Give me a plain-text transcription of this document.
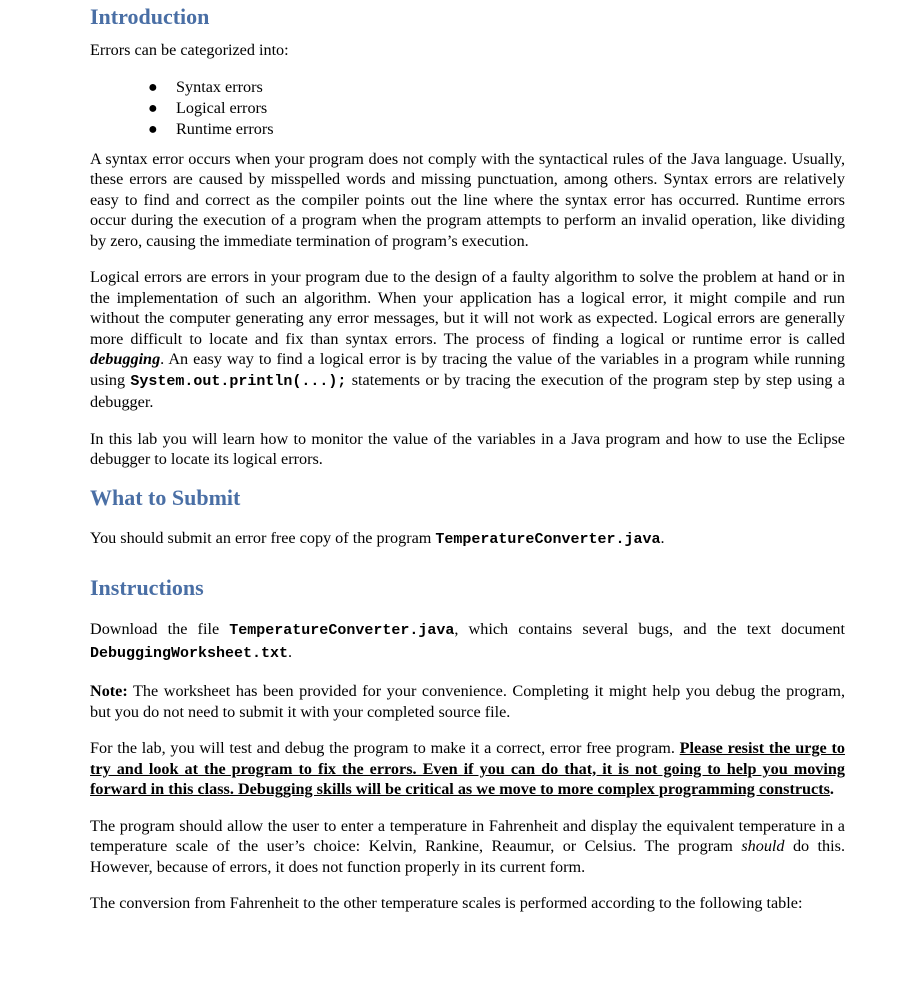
Introduction

Errors can be categorized into:

● Syntax errors
● Logical errors
● Runtime errors

A syntax error occurs when your program does not comply with the syntactical rules of the Java language. Usually, these errors are caused by misspelled words and missing punctuation, among others. Syntax errors are relatively easy to find and correct as the compiler points out the line where the syntax error has occurred. Runtime errors occur during the execution of a program when the program attempts to perform an invalid operation, like dividing by zero, causing the immediate termination of program’s execution.

Logical errors are errors in your program due to the design of a faulty algorithm to solve the problem at hand or in the implementation of such an algorithm. When your application has a logical error, it might compile and run without the computer generating any error messages, but it will not work as expected. Logical errors are generally more difficult to locate and fix than syntax errors. The process of finding a logical or runtime error is called debugging. An easy way to find a logical error is by tracing the value of the variables in a program while running using System.out.println(...); statements or by tracing the execution of the program step by step using a debugger.

In this lab you will learn how to monitor the value of the variables in a Java program and how to use the Eclipse debugger to locate its logical errors.

What to Submit

You should submit an error free copy of the program TemperatureConverter.java.

Instructions

Download the file TemperatureConverter.java, which contains several bugs, and the text document DebuggingWorksheet.txt.

Note: The worksheet has been provided for your convenience. Completing it might help you debug the program, but you do not need to submit it with your completed source file.

For the lab, you will test and debug the program to make it a correct, error free program. Please resist the urge to try and look at the program to fix the errors. Even if you can do that, it is not going to help you moving forward in this class. Debugging skills will be critical as we move to more complex programming constructs.

The program should allow the user to enter a temperature in Fahrenheit and display the equivalent temperature in a temperature scale of the user’s choice: Kelvin, Rankine, Reaumur, or Celsius. The program should do this. However, because of errors, it does not function properly in its current form.

The conversion from Fahrenheit to the other temperature scales is performed according to the following table:
